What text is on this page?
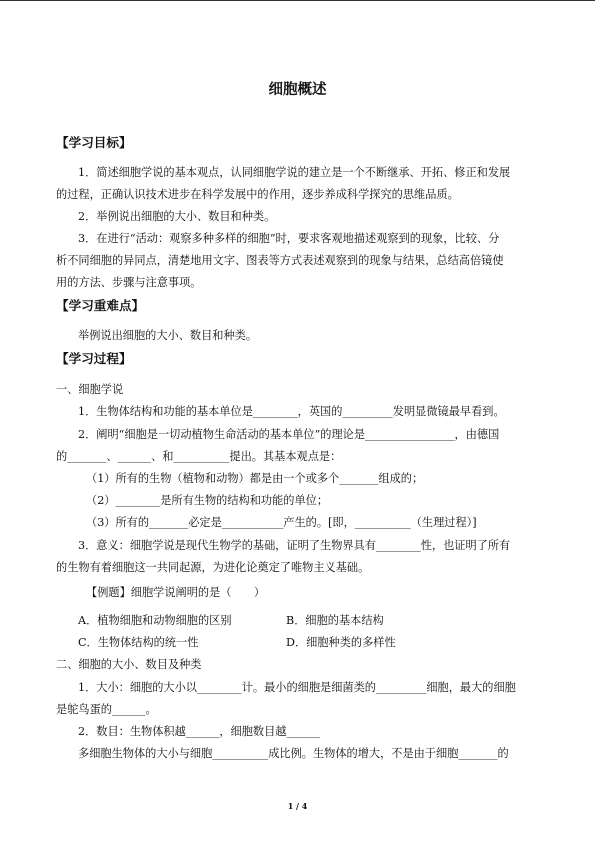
细胞概述
【学习目标】
1．简述细胞学说的基本观点，认同细胞学说的建立是一个不断继承、开拓、修正和发展
的过程，正确认识技术进步在科学发展中的作用，逐步养成科学探究的思维品质。
2．举例说出细胞的大小、数目和种类。
3．在进行“活动：观察多种多样的细胞”时，要求客观地描述观察到的现象，比较、分
析不同细胞的异同点，清楚地用文字、图表等方式表述观察到的现象与结果，总结高倍镜使
用的方法、步骤与注意事项。
【学习重难点】
举例说出细胞的大小、数目和种类。
【学习过程】
一、细胞学说
1．生物体结构和功能的基本单位是________，英国的_________发明显微镜最早看到。
2．阐明“细胞是一切动植物生命活动的基本单位”的理论是________________，由德国
的_______、______、和__________提出。其基本观点是：
（1）所有的生物（植物和动物）都是由一个或多个_______组成的；
（2）________是所有生物的结构和功能的单位；
（3）所有的_______必定是___________产生的。[即，__________（生理过程）]
3．意义：细胞学说是现代生物学的基础，证明了生物界具有________性，也证明了所有
的生物有着细胞这一共同起源，为进化论奠定了唯物主义基础。
【例题】细胞学说阐明的是（　　）
A．植物细胞和动物细胞的区别	B．细胞的基本结构
C．生物体结构的统一性	D．细胞种类的多样性
二、细胞的大小、数目及种类
1．大小：细胞的大小以________计。最小的细胞是细菌类的_________细胞，最大的细胞
是鸵鸟蛋的______。
2．数目：生物体积越______，细胞数目越______
多细胞生物体的大小与细胞__________成比例。生物体的增大，不是由于细胞_______的
1 / 4
